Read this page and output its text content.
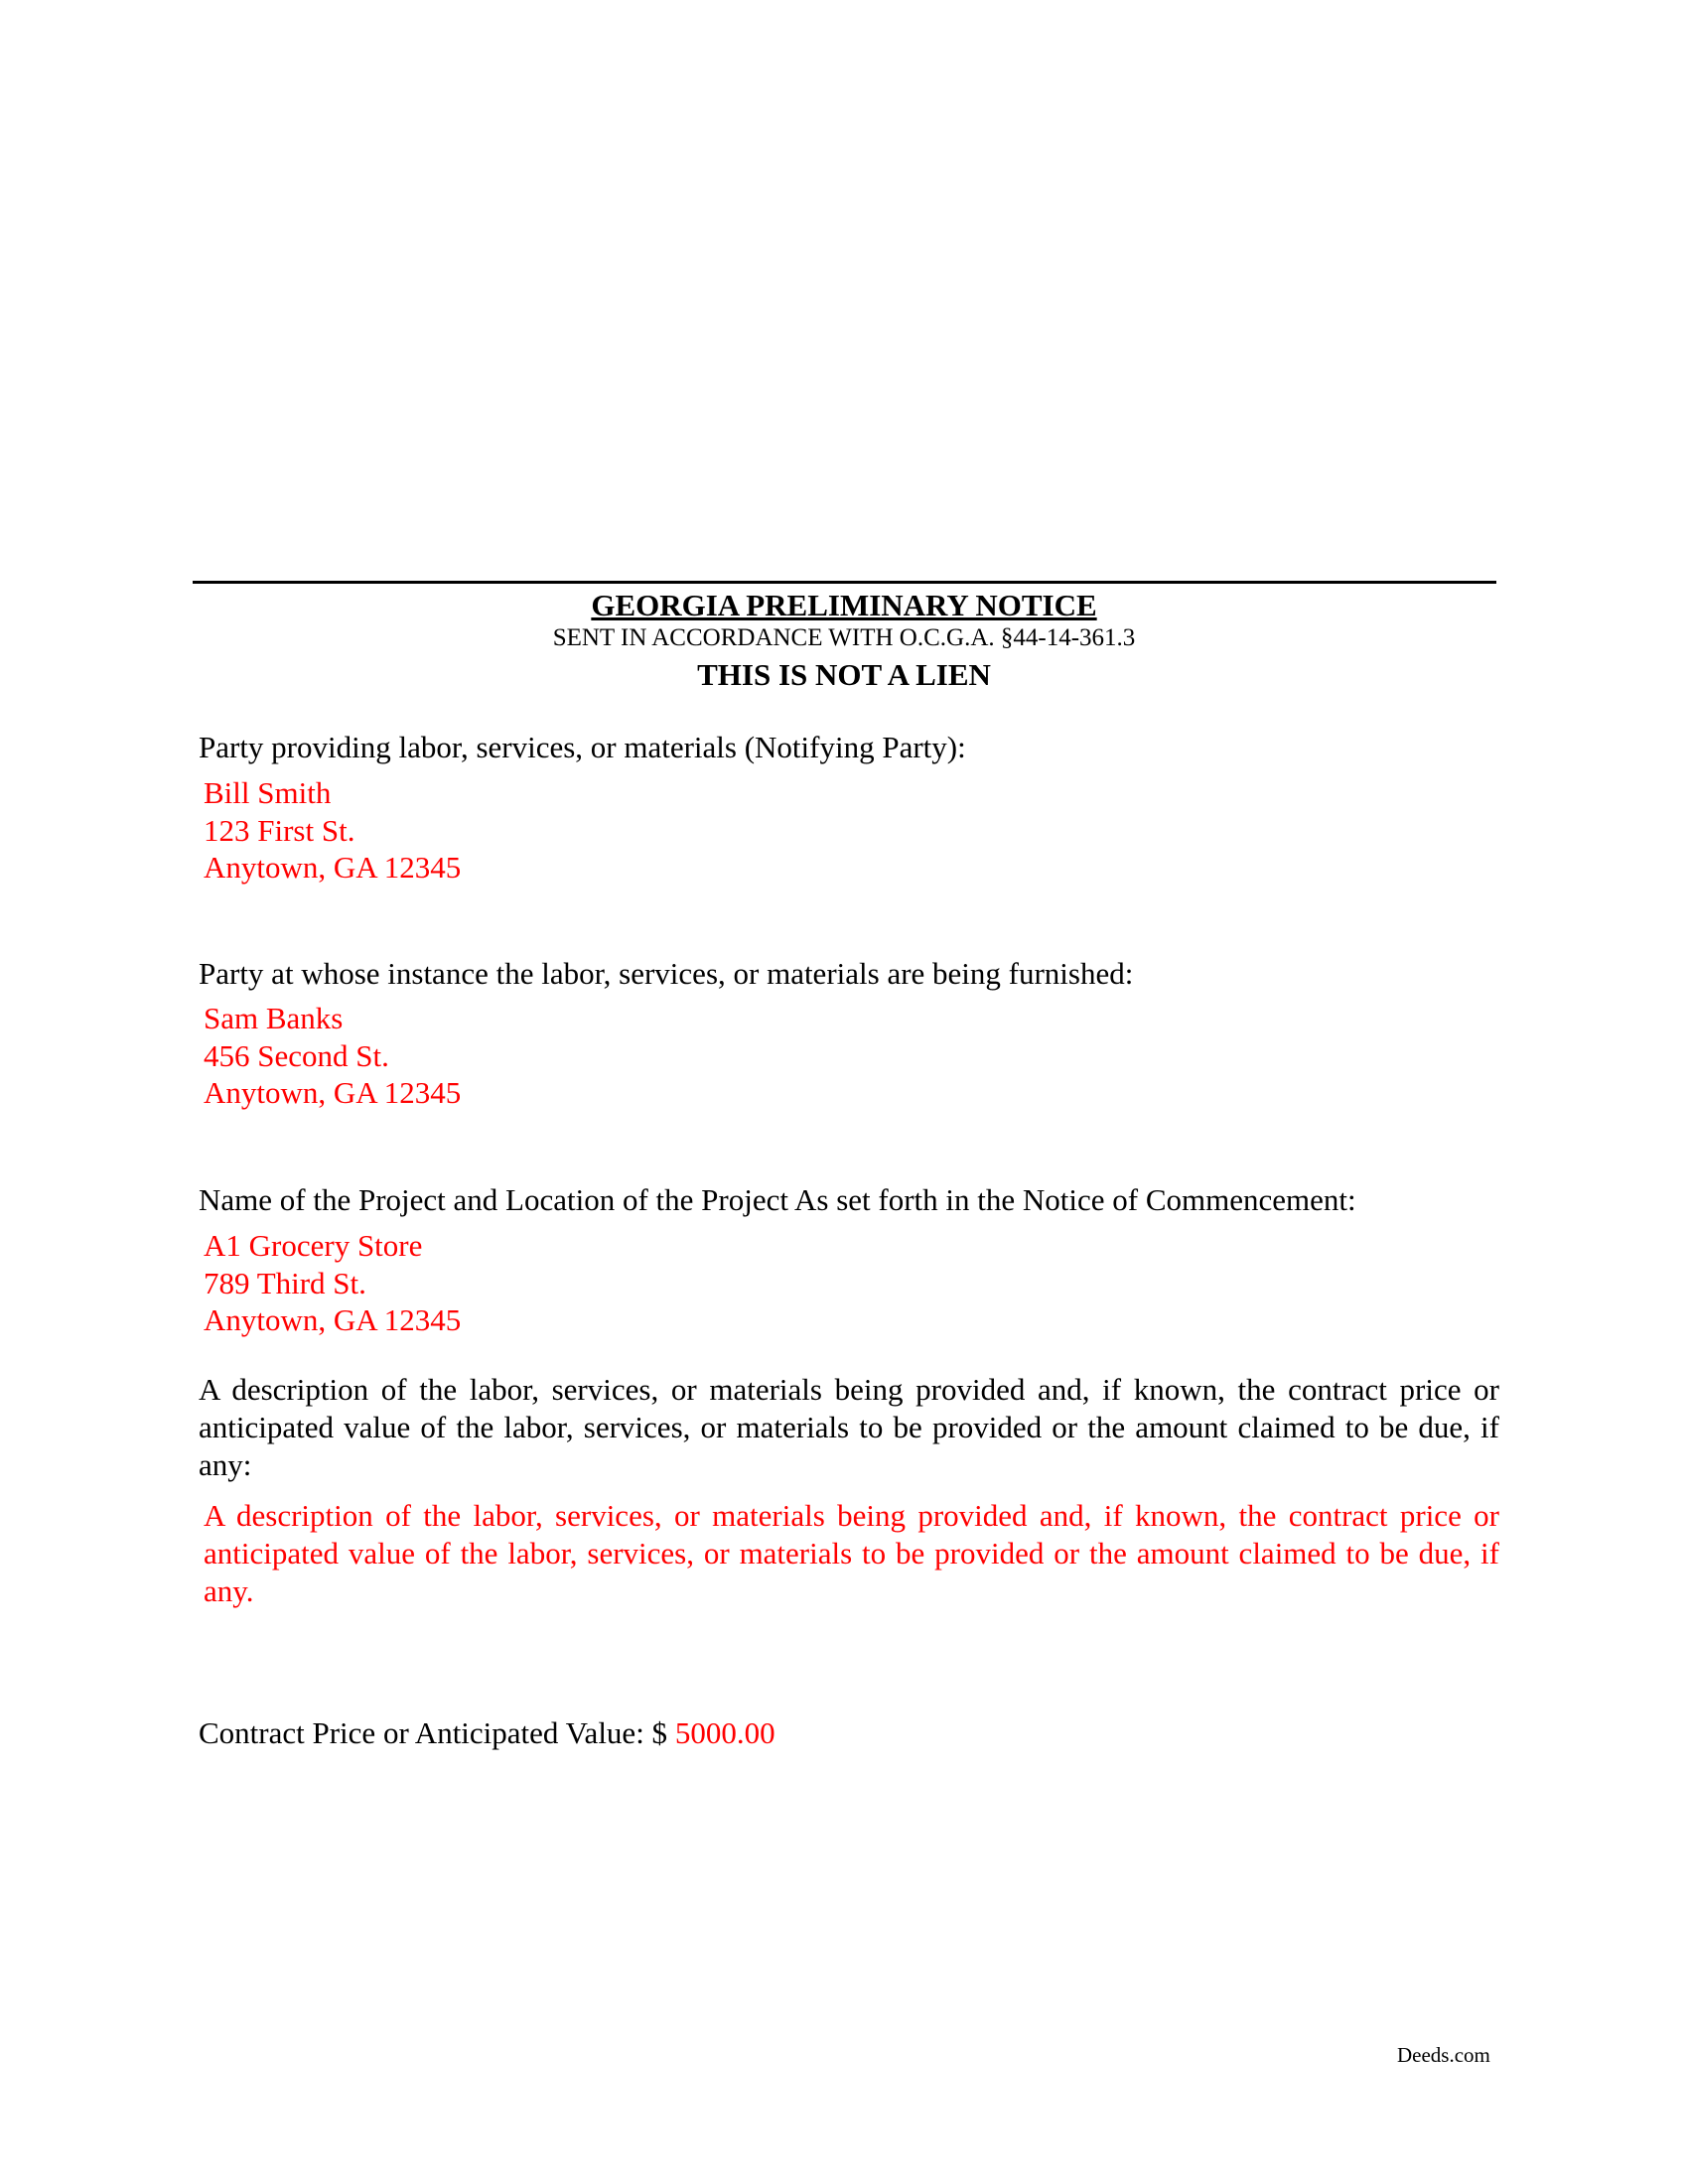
GEORGIA PRELIMINARY NOTICE
SENT IN ACCORDANCE WITH O.C.G.A. §44-14-361.3
THIS IS NOT A LIEN
Party providing labor, services, or materials (Notifying Party):
Bill Smith
123 First St.
Anytown, GA 12345
Party at whose instance the labor, services, or materials are being furnished:
Sam Banks
456 Second St.
Anytown, GA 12345
Name of the Project and Location of the Project As set forth in the Notice of Commencement:
A1 Grocery Store
789 Third St.
Anytown, GA 12345
A description of the labor, services, or materials being provided and, if known, the contract price or anticipated value of the labor, services, or materials to be provided or the amount claimed to be due, if any:
A description of the labor, services, or materials being provided and, if known, the contract price or anticipated value of the labor, services, or materials to be provided or the amount claimed to be due, if any.
Contract Price or Anticipated Value: $ 5000.00
Deeds.com
